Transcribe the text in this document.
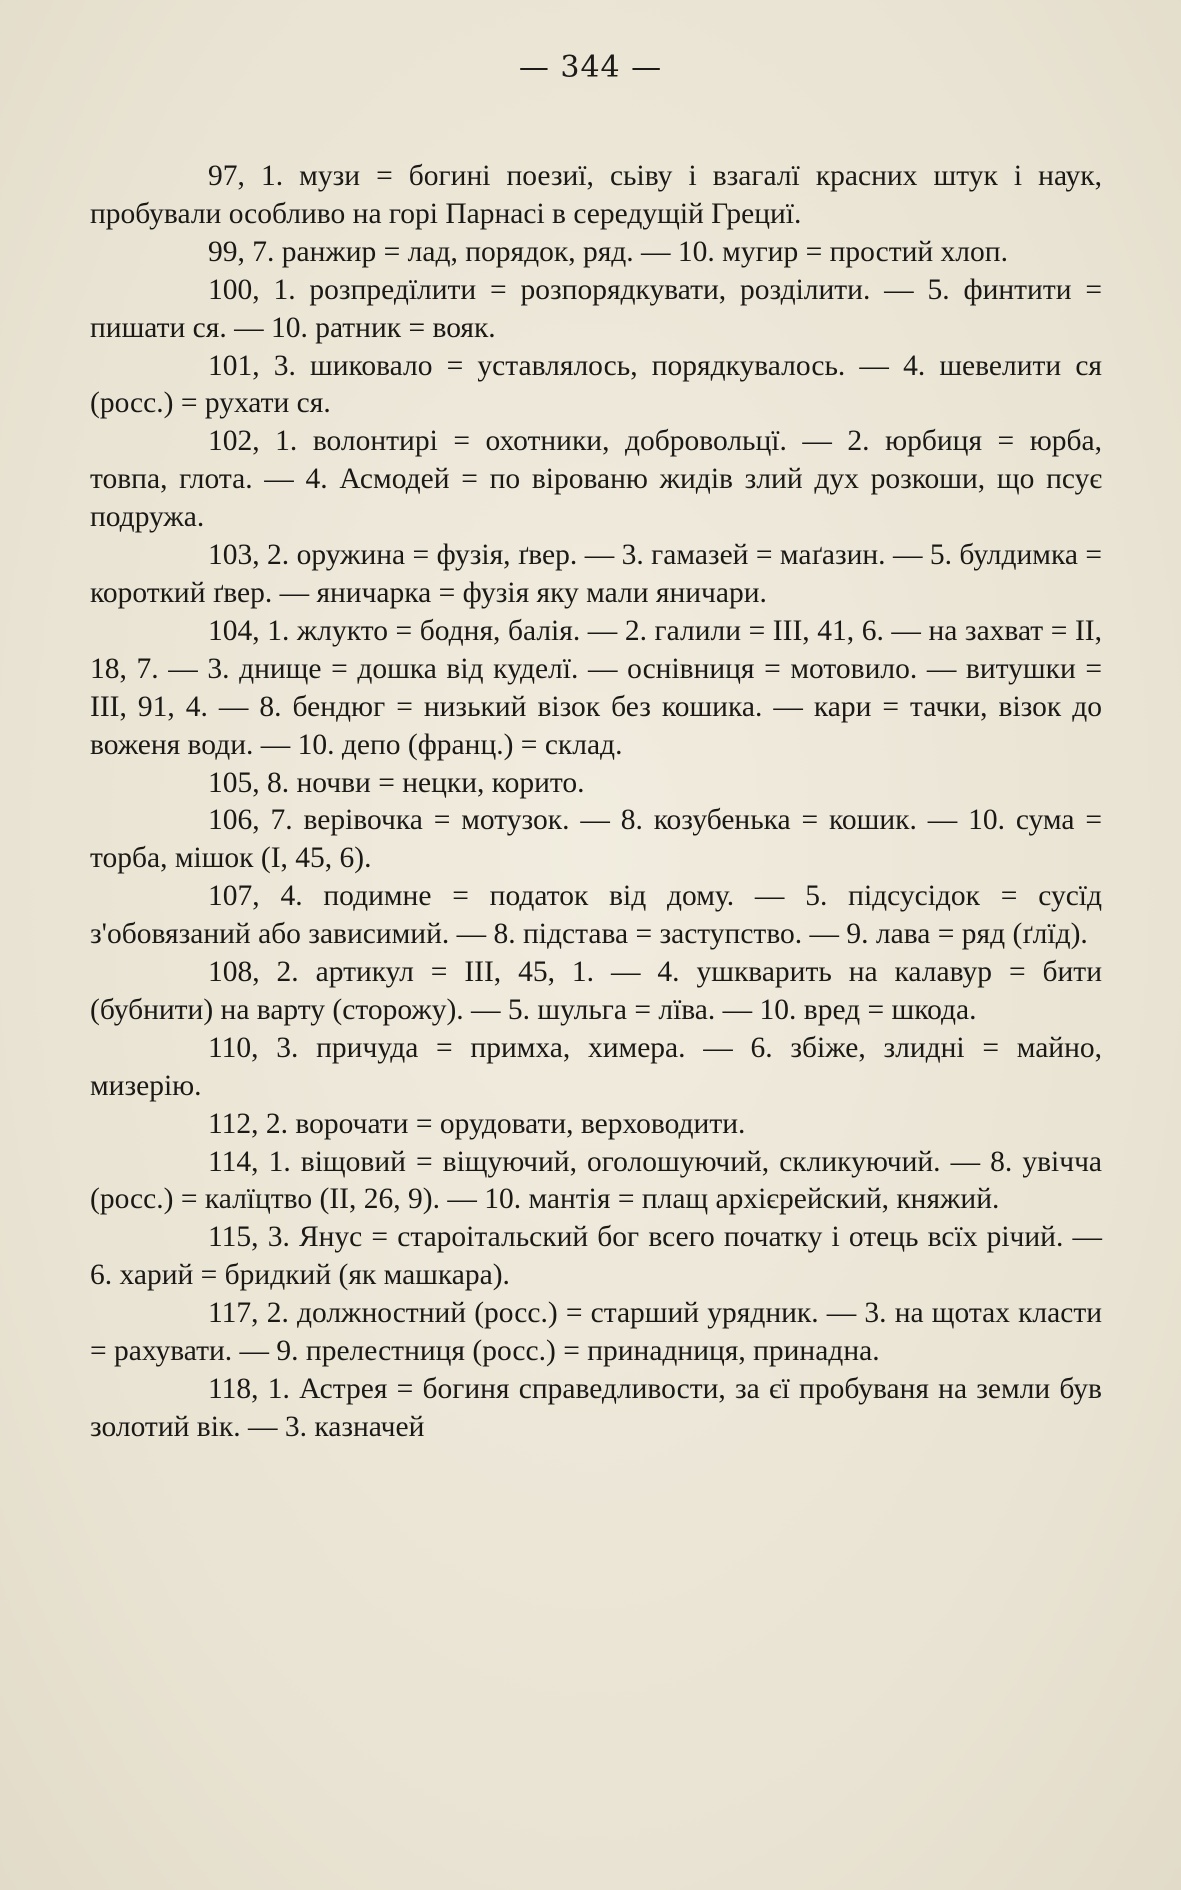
— 344 —

97, 1. музи = богині поезиї, сьіву і взагалї красних штук і наук, пробували особливо на горі Парнасі в середущій Грециї.

99, 7. ранжир = лад, порядок, ряд. — 10. мугир = простий хлоп.

100, 1. розпредїлити = розпорядкувати, розділити. — 5. финтити = пишати ся. — 10. ратник = вояк.

101, 3. шиковало = уставлялось, порядкувалось. — 4. шевелити ся (росс.) = рухати ся.

102, 1. волонтирі = охотники, добровольцї. — 2. юрбиця = юрба, товпа, глота. — 4. Асмодей = по вірованю жидів злий дух розкоши, що псує подружа.

103, 2. оружина = фузія, ґвер. — 3. гамазей = маґазин. — 5. булдимка = короткий ґвер. — яничарка = фузія яку мали яничари.

104, 1. жлукто = бодня, балія. — 2. галили = III, 41, 6. — на захват = II, 18, 7. — 3. днище = дошка від куделї. — оснівниця = мотовило. — витушки = III, 91, 4. — 8. бендюг = низький візок без кошика. — кари = тачки, візок до воженя води. — 10. депо (франц.) = склад.

105, 8. ночви = нецки, корито.

106, 7. верівочка = мотузок. — 8. козубенька = кошик. — 10. сума = торба, мішок (I, 45, 6).

107, 4. подимне = податок від дому. — 5. підсусідок = сусїд з'обовязаний або зависимий. — 8. підстава = заступство. — 9. лава = ряд (ґлїд).

108, 2. артикул = III, 45, 1. — 4. ушкварить на калавур = бити (бубнити) на варту (сторожу). — 5. шульга = лїва. — 10. вред = шкода.

110, 3. причуда = примха, химера. — 6. збіже, злидні = майно, мизерію.

112, 2. ворочати = орудовати, верховодити.

114, 1. віщовий = віщуючий, оголошуючий, скликуючий. — 8. увічча (росс.) = калїцтво (II, 26, 9). — 10. мантія = плащ архієрейский, княжий.

115, 3. Янус = староітальский бог всего початку і отець всїх річий. — 6. харий = бридкий (як машкара).

117, 2. должностний (росс.) = старший урядник. — 3. на щотах класти = рахувати. — 9. прелестниця (росс.) = принадниця, принадна.

118, 1. Астрея = богиня справедливости, за єї пробуваня на земли був золотий вік. — 3. казначей
